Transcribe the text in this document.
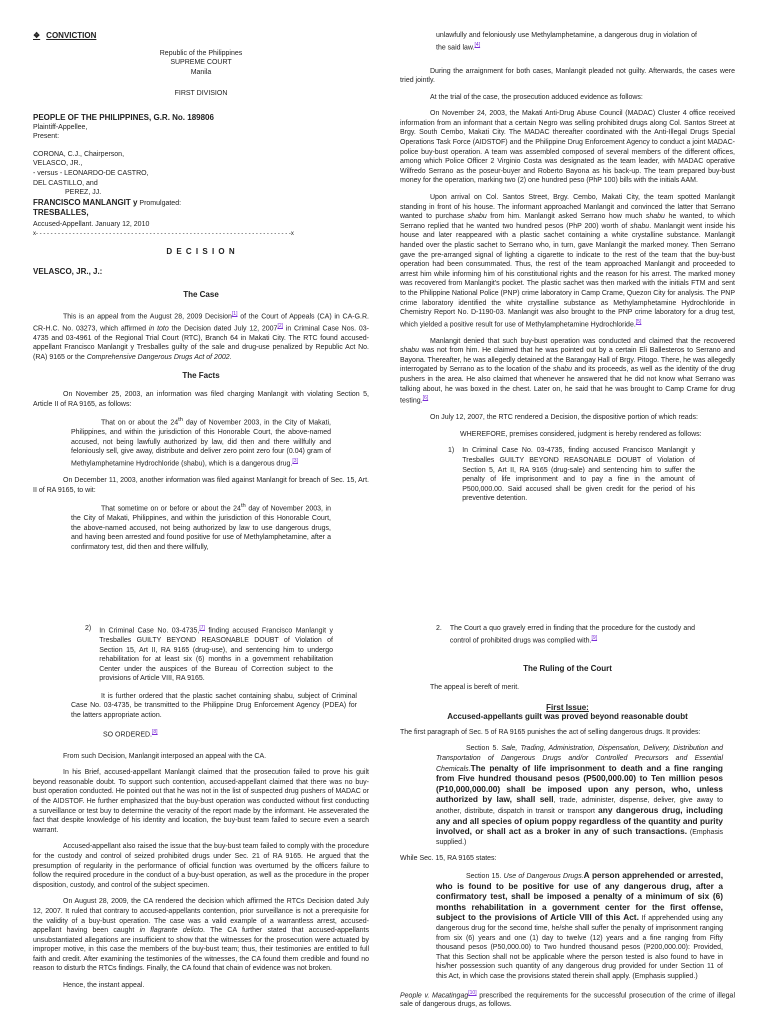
❖ CONVICTION
Republic of the Philippines
SUPREME COURT
Manila
FIRST DIVISION
PEOPLE OF THE PHILIPPINES, G.R. No. 189806
Plaintiff-Appellee,
Present:
CORONA, C.J., Chairperson,
VELASCO, JR.,
- versus - LEONARDO-DE CASTRO,
DEL CASTILLO, and
PEREZ, JJ.
FRANCISCO MANLANGIT y Promulgated:
TRESBALLES,
Accused-Appellant. January 12, 2010
x- - - - - - - - - - - - - - - - - - - - - - - - - - - - - - - - - - - - - - - - - - - - - - - - - - - - - - - - - - - - - - - - - - - - - -x
D E C I S I O N
VELASCO, JR., J.:
The Case

This is an appeal from the August 28, 2009 Decision[1] of the Court of Appeals (CA) in CA-G.R. CR-H.C. No. 03273, which affirmed in toto the Decision dated July 12, 2007[2] in Criminal Case Nos. 03-4735 and 03-4961 of the Regional Trial Court (RTC), Branch 64 in Makati City. The RTC found accused-appellant Francisco Manlangit y Tresballes guilty of the sale and drug-use penalized by Republic Act No. (RA) 9165 or the Comprehensive Dangerous Drugs Act of 2002.

The Facts

On November 25, 2003, an information was filed charging Manlangit with violating Section 5, Article II of RA 9165, as follows:

That on or about the 24th day of November 2003, in the City of Makati, Philippines, and within the jurisdiction of this Honorable Court, the above-named accused, not being lawfully authorized by law, did then and there willfully and feloniously sell, give away, distribute and deliver zero point zero four (0.04) gram of Methylamphetamine Hydrochloride (shabu), which is a dangerous drug.[3]

On December 11, 2003, another information was filed against Manlangit for breach of Sec. 15, Art. II of RA 9165, to wit:

That sometime on or before or about the 24th day of November 2003, in the City of Makati, Philippines, and within the jurisdiction of this Honorable Court, the above-named accused, not being authorized by law to use dangerous drugs, and having been arrested and found positive for use of Methylamphetamine, after a confirmatory test, did then and there willfully,

unlawfully and feloniously use Methylamphetamine, a dangerous drug in violation of the said law.[4]

During the arraignment for both cases, Manlangit pleaded not guilty. Afterwards, the cases were tried jointly.

At the trial of the case, the prosecution adduced evidence as follows:

On November 24, 2003, the Makati Anti-Drug Abuse Council (MADAC) Cluster 4 office received information from an informant that a certain Negro was selling prohibited drugs along Col. Santos Street at Brgy. South Cembo, Makati City. The MADAC thereafter coordinated with the Anti-Illegal Drugs Special Operations Task Force (AIDSTOF) and the Philippine Drug Enforcement Agency to conduct a joint MADAC-police buy-bust operation. A team was assembled composed of several members of the different offices, among which Police Officer 2 Virginio Costa was designated as the team leader, with MADAC operative Wilfredo Serrano as the poseur-buyer and Roberto Bayona as his back-up. The team prepared buy-bust money for the operation, marking two (2) one hundred peso (PhP 100) bills with the initials AAM.

Upon arrival on Col. Santos Street, Brgy. Cembo, Makati City, the team spotted Manlangit standing in front of his house. The informant approached Manlangit and convinced the latter that Serrano wanted to purchase shabu from him. Manlangit asked Serrano how much shabu he wanted, to which Serrano replied that he wanted two hundred pesos (PhP 200) worth of shabu. Manlangit went inside his house and later reappeared with a plastic sachet containing a white crystalline substance. Manlangit handed over the plastic sachet to Serrano who, in turn, gave Manlangit the marked money. Then Serrano gave the pre-arranged signal of lighting a cigarette to indicate to the rest of the team that the buy-bust operation had been consummated. Thus, the rest of the team approached Manlangit and proceeded to arrest him while informing him of his constitutional rights and the reason for his arrest. The marked money was recovered from Manlangit's pocket. The plastic sachet was then marked with the initials FTM and sent to the Philippine National Police (PNP) crime laboratory in Camp Crame, Quezon City for analysis. The PNP crime laboratory identified the white crystalline substance as Methylamphetamine Hydrochloride in Chemistry Report No. D-1190-03. Manlangit was also brought to the PNP crime laboratory for a drug test, which yielded a positive result for use of Methylamphetamine Hydrochloride.[5]

Manlangit denied that such buy-bust operation was conducted and claimed that the recovered shabu was not from him. He claimed that he was pointed out by a certain Eli Ballesteros to Serrano and Bayona. Thereafter, he was allegedly detained at the Barangay Hall of Brgy. Pitogo. There, he was allegedly interrogated by Serrano as to the location of the shabu and its proceeds, as well as the identity of the drug pushers in the area. He also claimed that whenever he answered that he did not know what Serrano was talking about, he was boxed in the chest. Later on, he said that he was brought to Camp Crame for drug testing.[6]

On July 12, 2007, the RTC rendered a Decision, the dispositive portion of which reads:

WHEREFORE, premises considered, judgment is hereby rendered as follows:

1) In Criminal Case No. 03-4735, finding accused Francisco Manlangit y Tresballes GUILTY BEYOND REASONABLE DOUBT of Violation of Section 5, Art II, RA 9165 (drug-sale) and sentencing him to suffer the penalty of life imprisonment and to pay a fine in the amount of P500,000.00. Said accused shall be given credit for the period of his preventive detention.
2) In Criminal Case No. 03-4735,[7] finding accused Francisco Manlangit y Tresballes GUILTY BEYOND REASONABLE DOUBT of Violation of Section 15, Art II, RA 9165 (drug-use), and sentencing him to undergo rehabilitation for at least six (6) months in a government rehabilitation Center under the auspices of the Bureau of Correction subject to the provisions of Article VIII, RA 9165.

It is further ordered that the plastic sachet containing shabu, subject of Criminal Case No. 03-4735, be transmitted to the Philippine Drug Enforcement Agency (PDEA) for the latters appropriate action.

SO ORDERED.[8]

From such Decision, Manlangit interposed an appeal with the CA.

In his Brief, accused-appellant Manlangit claimed that the prosecution failed to prove his guilt beyond reasonable doubt. To support such contention, accused-appellant claimed that there was no buy-bust operation conducted. He pointed out that he was not in the list of suspected drug pushers of MADAC or of the AIDSTOF. He further emphasized that the buy-bust operation was conducted without first conducting a surveillance or test buy to determine the veracity of the report made by the informant. He asseverated the fact that despite knowledge of his identity and location, the buy-bust team failed to secure even a search warrant.

Accused-appellant also raised the issue that the buy-bust team failed to comply with the procedure for the custody and control of seized prohibited drugs under Sec. 21 of RA 9165. He argued that the presumption of regularity in the performance of official function was overturned by the officers failure to follow the required procedure in the conduct of a buy-bust operation, as well as the procedure in the proper disposition, custody, and control of the subject specimen.

On August 28, 2009, the CA rendered the decision which affirmed the RTCs Decision dated July 12, 2007. It ruled that contrary to accused-appellants contention, prior surveillance is not a prerequisite for the validity of a buy-bust operation. The case was a valid example of a warrantless arrest, accused-appellant having been caught in flagrante delicto. The CA further stated that accused-appellants unsubstantiated allegations are insufficient to show that the witnesses for the prosecution were actuated by improper motive, in this case the members of the buy-bust team; thus, their testimonies are entitled to full faith and credit. After examining the testimonies of the witnesses, the CA found them credible and found no reason to disturb the RTCs findings. Finally, the CA found that chain of evidence was not broken.

Hence, the instant appeal.

2. The Court a quo gravely erred in finding that the procedure for the custody and control of prohibited drugs was complied with.[9]
The Ruling of the Court

The appeal is bereft of merit.

First Issue:
Accused-appellants guilt was proved beyond reasonable doubt

The first paragraph of Sec. 5 of RA 9165 punishes the act of selling dangerous drugs. It provides:

Section 5. Sale, Trading, Administration, Dispensation, Delivery, Distribution and Transportation of Dangerous Drugs and/or Controlled Precursors and Essential Chemicals.The penalty of life imprisonment to death and a fine ranging from Five hundred thousand pesos (P500,000.00) to Ten million pesos (P10,000,000.00) shall be imposed upon any person, who, unless authorized by law, shall sell, trade, administer, dispense, deliver, give away to another, distribute, dispatch in transit or transport any dangerous drug, including any and all species of opium poppy regardless of the quantity and purity involved, or shall act as a broker in any of such transactions. (Emphasis supplied.)

While Sec. 15, RA 9165 states:

Section 15. Use of Dangerous Drugs.A person apprehended or arrested, who is found to be positive for use of any dangerous drug, after a confirmatory test, shall be imposed a penalty of a minimum of six (6) months rehabilitation in a government center for the first offense, subject to the provisions of Article VIII of this Act. If apprehended using any dangerous drug for the second time, he/she shall suffer the penalty of imprisonment ranging from six (6) years and one (1) day to twelve (12) years and a fine ranging from Fifty thousand pesos (P50,000.00) to Two hundred thousand pesos (P200,000.00): Provided, That this Section shall not be applicable where the person tested is also found to have in his/her possession such quantity of any dangerous drug provided for under Section 11 of this Act, in which case the provisions stated therein shall apply. (Emphasis supplied.)

People v. Macatingag[10] prescribed the requirements for the successful prosecution of the crime of illegal sale of dangerous drugs, as follows.
